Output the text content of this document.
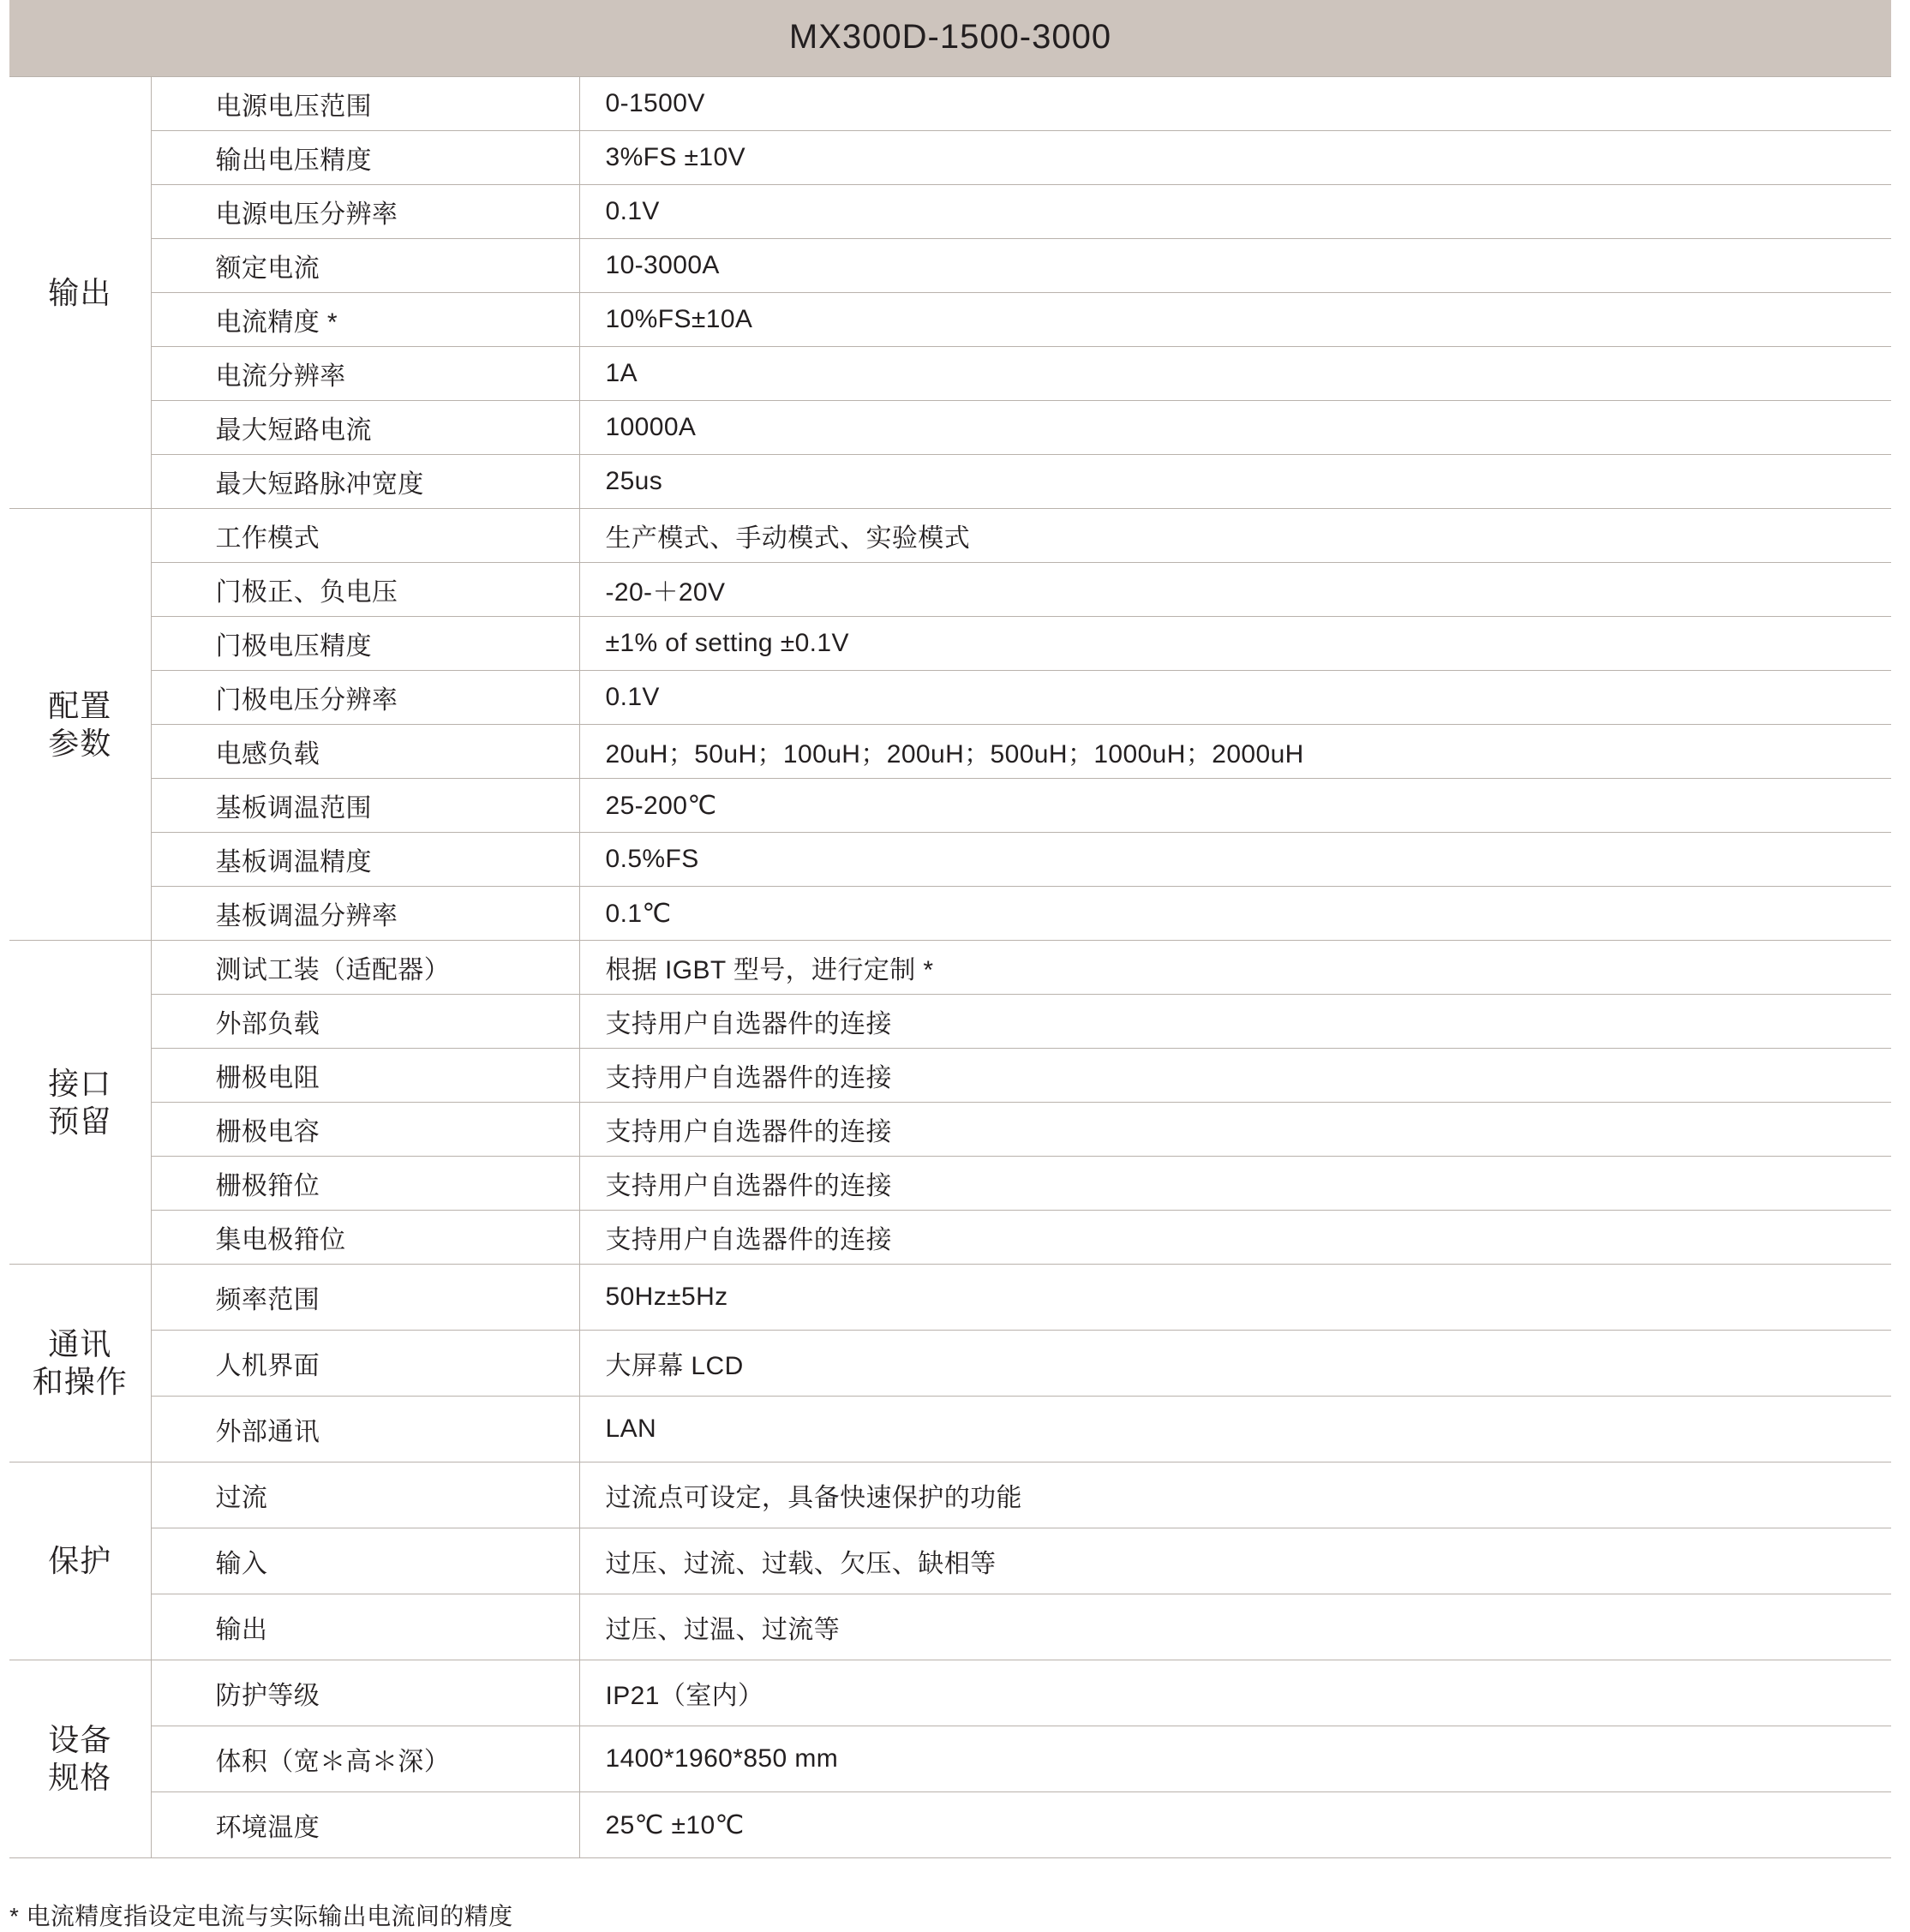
MX300D-1500-3000		

输出	电源电压范围	0-1500V
	输出电压精度	3%FS ±10V
	电源电压分辨率	0.1V
	额定电流	10-3000A
	电流精度 *	10%FS±10A
	电流分辨率	1A
	最大短路电流	10000A
	最大短路脉冲宽度	25us

配置
参数	工作模式	生产模式、手动模式、实验模式
	门极正、负电压	-20-＋20V
	门极电压精度	±1% of setting ±0.1V
	门极电压分辨率	0.1V
	电感负载	20uH；50uH；100uH；200uH；500uH；1000uH；2000uH
	基板调温范围	25-200℃
	基板调温精度	0.5%FS
	基板调温分辨率	0.1℃

接口
预留	测试工装（适配器）	根据 IGBT 型号，进行定制 *
	外部负载	支持用户自选器件的连接
	栅极电阻	支持用户自选器件的连接
	栅极电容	支持用户自选器件的连接
	栅极箝位	支持用户自选器件的连接
	集电极箝位	支持用户自选器件的连接

通讯
和操作	频率范围	50Hz±5Hz
	人机界面	大屏幕 LCD
	外部通讯	LAN

保护	过流	过流点可设定，具备快速保护的功能
	输入	过压、过流、过载、欠压、缺相等
	输出	过压、过温、过流等

设备
规格	防护等级	IP21（室内）
	体积（宽＊高＊深）	1400*1960*850 mm
	环境温度	25℃ ±10℃
* 电流精度指设定电流与实际输出电流间的精度
